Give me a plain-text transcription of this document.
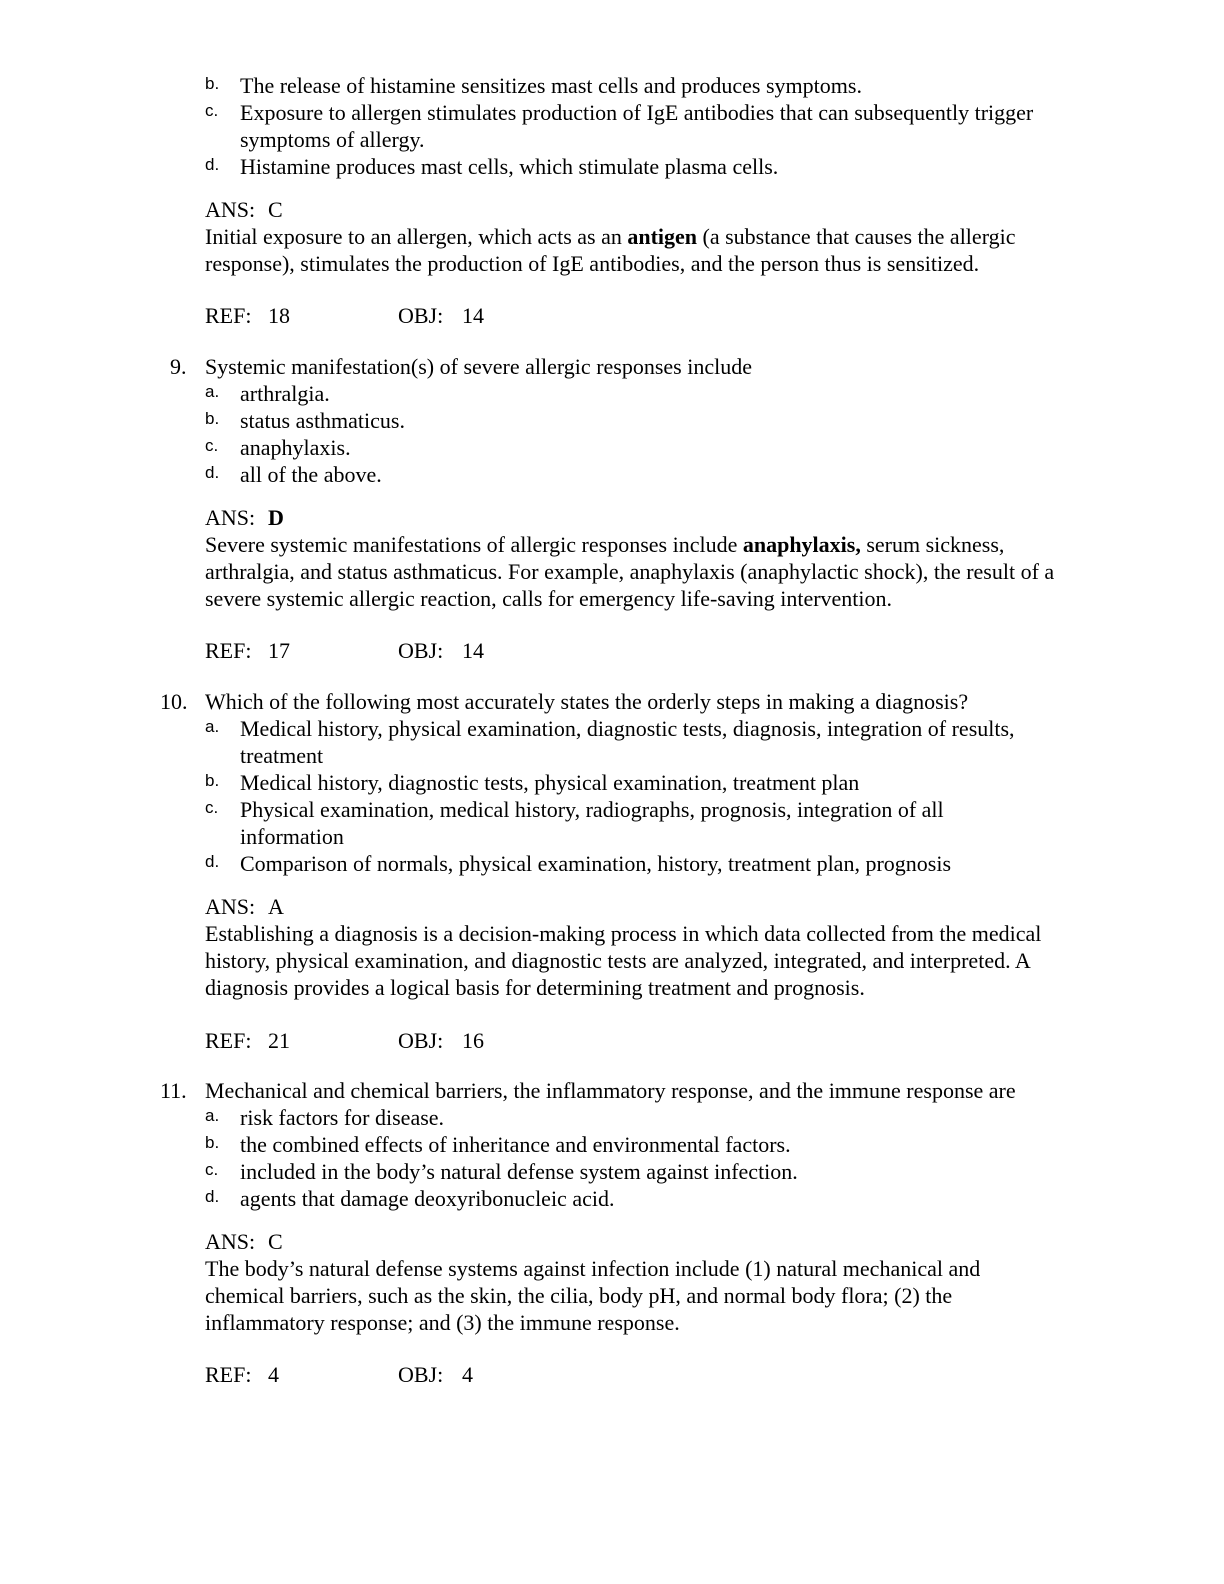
b. The release of histamine sensitizes mast cells and produces symptoms.
c. Exposure to allergen stimulates production of IgE antibodies that can subsequently trigger symptoms of allergy.
d. Histamine produces mast cells, which stimulate plasma cells.
ANS: C

Initial exposure to an allergen, which acts as an antigen (a substance that causes the allergic response), stimulates the production of IgE antibodies, and the person thus is sensitized.

REF: 18	OBJ: 14
9. Systemic manifestation(s) of severe allergic responses include
a. arthralgia.
b. status asthmaticus.
c. anaphylaxis.
d. all of the above.
ANS: D

Severe systemic manifestations of allergic responses include anaphylaxis, serum sickness, arthralgia, and status asthmaticus. For example, anaphylaxis (anaphylactic shock), the result of a severe systemic allergic reaction, calls for emergency life-saving intervention.

REF: 17	OBJ: 14
10. Which of the following most accurately states the orderly steps in making a diagnosis?
a. Medical history, physical examination, diagnostic tests, diagnosis, integration of results, treatment
b. Medical history, diagnostic tests, physical examination, treatment plan
c. Physical examination, medical history, radiographs, prognosis, integration of all information
d. Comparison of normals, physical examination, history, treatment plan, prognosis
ANS: A

Establishing a diagnosis is a decision-making process in which data collected from the medical history, physical examination, and diagnostic tests are analyzed, integrated, and interpreted. A diagnosis provides a logical basis for determining treatment and prognosis.

REF: 21	OBJ: 16
11. Mechanical and chemical barriers, the inflammatory response, and the immune response are
a. risk factors for disease.
b. the combined effects of inheritance and environmental factors.
c. included in the body’s natural defense system against infection.
d. agents that damage deoxyribonucleic acid.
ANS: C

The body’s natural defense systems against infection include (1) natural mechanical and chemical barriers, such as the skin, the cilia, body pH, and normal body flora; (2) the inflammatory response; and (3) the immune response.

REF: 4	OBJ: 4
